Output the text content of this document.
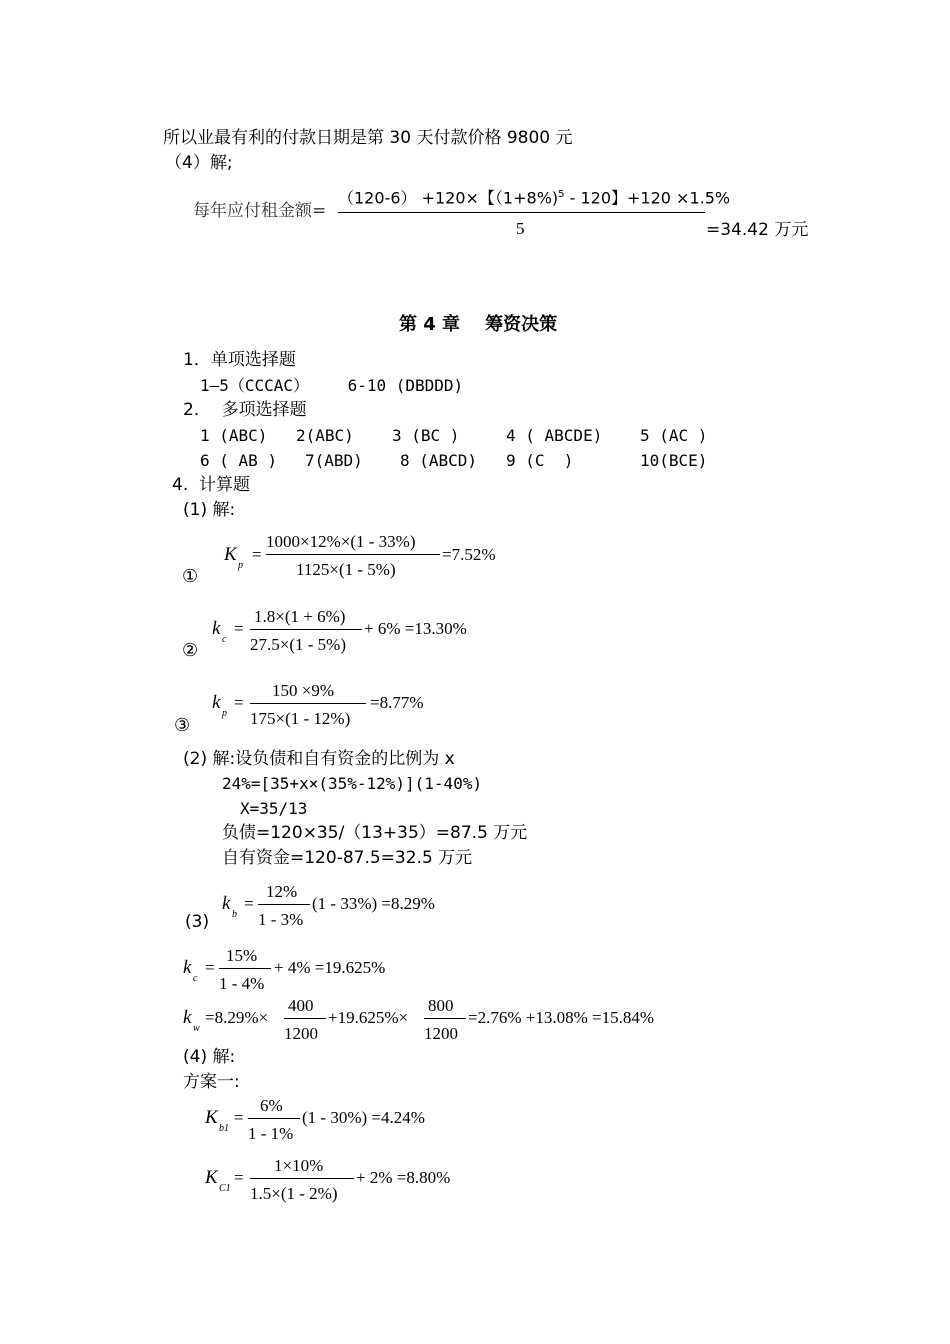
所以业最有利的付款日期是第 30 天付款价格 9800 元
（4）解;
每年应付租金额=
（120-6） +120×【（1+8%)$^5$ - 120】+120 ×1.5%
5	=34.42 万元
第 4 章    筹资决策
1．单项选择题
1—5（CCCAC）    6-10 (DBDDD)
2．  多项选择题
1 (ABC) 2(ABC) 3 (BC )	4 ( ABCDE) 5 (AC )
6 ( AB ) 7(ABD) 8 (ABCD) 9 (C  )	10(BCE)
4.  计算题
(1) 解:
①
K
p
=
1000×12%×(1 - 33%)
1125×(1 - 5%)
=7.52%
②
k
c
=
1.8×(1 + 6%)
27.5×(1 - 5%)
+ 6% =13.30%
③
k
p
=
150 ×9%
175×(1 - 12%)
=8.77%
(2) 解:设负债和自有资金的比例为 x
24%=[35+x×(35%-12%)](1-40%)
X=35/13
负债=120×35/（13+35）=87.5 万元
自有资金=120-87.5=32.5 万元
(3)
k
b
=
12%
1 - 3%
(1 - 33%) =8.29%
k
c
=
15%
1 - 4%
+ 4% =19.625%
k
w
=8.29%×
400
1200
+19.625%×
800
1200
=2.76% +13.08% =15.84%
(4) 解:
方案一:
K
b1
=
6%
1 - 1%
(1 - 30%) =4.24%
K
C1
=
1×10%
1.5×(1 - 2%)
+ 2% =8.80%
